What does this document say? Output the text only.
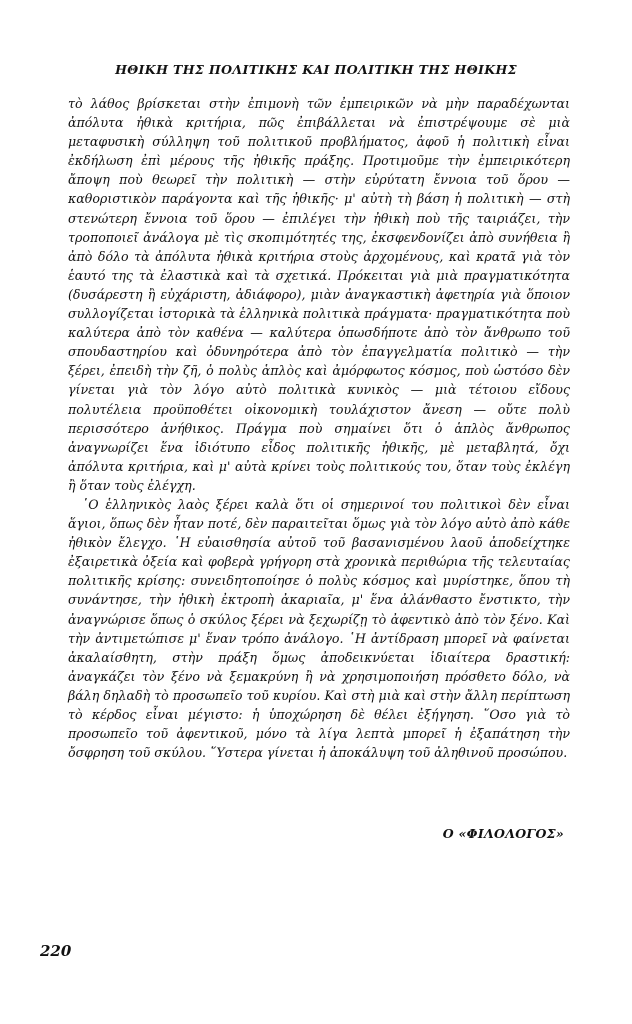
ΗΘΙΚΗ ΤΗΣ ΠΟΛΙΤΙΚΗΣ ΚΑΙ ΠΟΛΙΤΙΚΗ ΤΗΣ ΗΘΙΚΗΣ

τὸ λάθος βρίσκεται στὴν ἐπιμονὴ τῶν ἐμπειρικῶν νὰ μὴν παραδέχωνται ἀπόλυτα ἠθικὰ κριτήρια, πῶς ἐπιβάλλεται νὰ ἐπιστρέψουμε σὲ μιὰ μεταφυσικὴ σύλληψη τοῦ πολιτικοῦ προβλήματος, ἀφοῦ ἡ πολιτικὴ εἶναι ἐκδήλωση ἐπὶ μέρους τῆς ἠθικῆς πράξης. Προτιμοῦμε τὴν ἐμπειρικότερη ἄποψη ποὺ θεωρεῖ τὴν πολιτικὴ — στὴν εὐρύτατη ἔννοια τοῦ ὅρου — καθοριστικὸν παράγοντα καὶ τῆς ἠθικῆς· μ' αὐτὴ τὴ βάση ἡ πολιτικὴ — στὴ στενώτερη ἔννοια τοῦ ὅρου — ἐπιλέγει τὴν ἠθικὴ ποὺ τῆς ταιριάζει, τὴν τροποποιεῖ ἀνάλογα μὲ τὶς σκοπιμότητές της, ἐκσφενδονίζει ἀπὸ συνήθεια ἢ ἀπὸ δόλο τὰ ἀπόλυτα ἠθικὰ κριτήρια στοὺς ἀρχομένους, καὶ κρατᾶ γιὰ τὸν ἑαυτό της τὰ ἐλαστικὰ καὶ τὰ σχετικά. Πρόκειται γιὰ μιὰ πραγματικότητα (δυσάρεστη ἢ εὐχάριστη, ἀδιάφορο), μιὰν ἀναγκαστικὴ ἀφετηρία γιὰ ὅποιον συλλογίζεται ἱστορικὰ τὰ ἑλληνικὰ πολιτικὰ πράγματα· πραγματικότητα ποὺ καλύτερα ἀπὸ τὸν καθένα — καλύτερα ὁπωσδήποτε ἀπὸ τὸν ἄνθρωπο τοῦ σπουδαστηρίου καὶ ὀδυνηρότερα ἀπὸ τὸν ἐπαγγελματία πολιτικὸ — τὴν ξέρει, ἐπειδὴ τὴν ζῆ, ὁ πολὺς ἁπλὸς καὶ ἀμόρφωτος κόσμος, ποὺ ὡστόσο δὲν γίνεται γιὰ τὸν λόγο αὐτὸ πολιτικὰ κυνικὸς — μιὰ τέτοιου εἴδους πολυτέλεια προϋποθέτει οἰκονομικὴ τουλάχιστον ἄνεση — οὔτε πολὺ περισσότερο ἀνήθικος. Πράγμα ποὺ σημαίνει ὅτι ὁ ἁπλὸς ἄνθρωπος ἀναγνωρίζει ἕνα ἰδιότυπο εἶδος πολιτικῆς ἠθικῆς, μὲ μεταβλητά, ὄχι ἀπόλυτα κριτήρια, καὶ μ' αὐτὰ κρίνει τοὺς πολιτικούς του, ὅταν τοὺς ἐκλέγη ἢ ὅταν τοὺς ἐλέγχη.

῾Ο ἑλληνικὸς λαὸς ξέρει καλὰ ὅτι οἱ σημερινοί του πολιτικοὶ δὲν εἶναι ἅγιοι, ὅπως δὲν ἦταν ποτέ, δὲν παραιτεῖται ὅμως γιὰ τὸν λόγο αὐτὸ ἀπὸ κάθε ἠθικὸν ἔλεγχο. ῾Η εὐαισθησία αὐτοῦ τοῦ βασανισμένου λαοῦ ἀποδείχτηκε ἐξαιρετικὰ ὀξεία καὶ φοβερὰ γρήγορη στὰ χρονικὰ περιθώρια τῆς τελευταίας πολιτικῆς κρίσης: συνειδητοποίησε ὁ πολὺς κόσμος καὶ μυρίστηκε, ὅπου τὴ συνάντησε, τὴν ἠθικὴ ἐκτροπὴ ἀκαριαῖα, μ' ἕνα ἀλάνθαστο ἔνστικτο, τὴν ἀναγνώρισε ὅπως ὁ σκύλος ξέρει νὰ ξεχωρίζῃ τὸ ἀφεντικὸ ἀπὸ τὸν ξένο. Καὶ τὴν ἀντιμετώπισε μ' ἕναν τρόπο ἀνάλογο. ῾Η ἀντίδραση μπορεῖ νὰ φαίνεται ἀκαλαίσθητη, στὴν πράξη ὅμως ἀποδεικνύεται ἰδιαίτερα δραστική: ἀναγκάζει τὸν ξένο νὰ ξεμακρύνη ἢ νὰ χρησιμοποιήση πρόσθετο δόλο, νὰ βάλη δηλαδὴ τὸ προσωπεῖο τοῦ κυρίου. Καὶ στὴ μιὰ καὶ στὴν ἄλλη περίπτωση τὸ κέρδος εἶναι μέγιστο: ἡ ὑποχώρηση δὲ θέλει ἐξήγηση. ῞Οσο γιὰ τὸ προσωπεῖο τοῦ ἀφεντικοῦ, μόνο τὰ λίγα λεπτὰ μπορεῖ ἡ ἐξαπάτηση τὴν ὄσφρηση τοῦ σκύλου. ῞Υστερα γίνεται ἡ ἀποκάλυψη τοῦ ἀληθινοῦ προσώπου.

Ο «ΦΙΛΟΛΟΓΟΣ»
220
